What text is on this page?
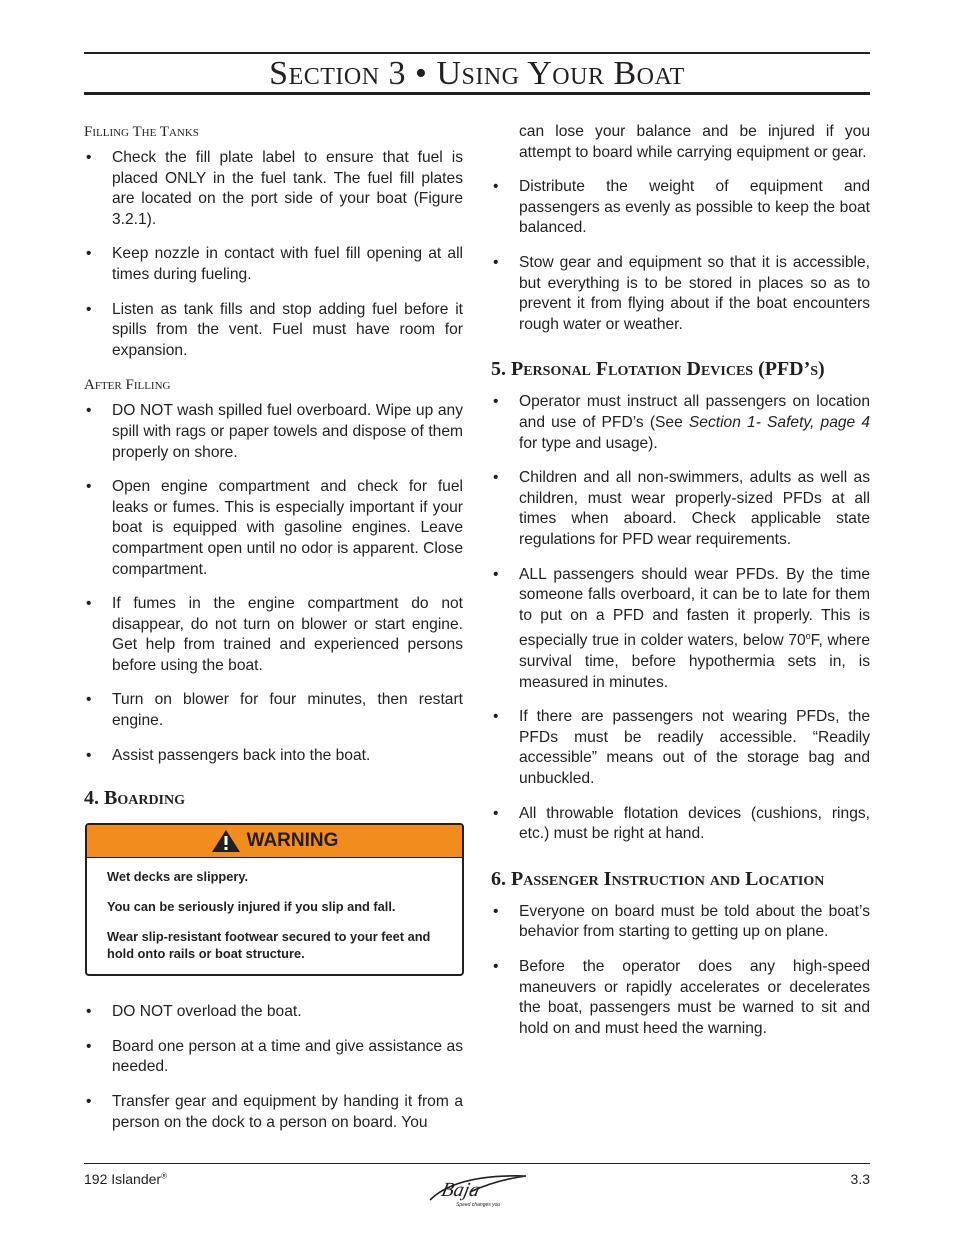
Section 3 • Using Your Boat

Filling The Tanks

• Check the fill plate label to ensure that fuel is placed ONLY in the fuel tank. The fuel fill plates are located on the port side of your boat (Figure 3.2.1).
• Keep nozzle in contact with fuel fill opening at all times during fueling.
• Listen as tank fills and stop adding fuel before it spills from the vent. Fuel must have room for expansion.

After Filling

• DO NOT wash spilled fuel overboard. Wipe up any spill with rags or paper towels and dispose of them properly on shore.
• Open engine compartment and check for fuel leaks or fumes. This is especially important if your boat is equipped with gasoline engines. Leave compartment open until no odor is apparent. Close compartment.
• If fumes in the engine compartment do not disappear, do not turn on blower or start engine. Get help from trained and experienced persons before using the boat.
• Turn on blower for four minutes, then restart engine.
• Assist passengers back into the boat.
4. Boarding
WARNING

Wet decks are slippery.

You can be seriously injured if you slip and fall.

Wear slip-resistant footwear secured to your feet and hold onto rails or boat structure.

• DO NOT overload the boat.
• Board one person at a time and give assistance as needed.
• Transfer gear and equipment by handing it from a person on the dock to a person on board. You

can lose your balance and be injured if you attempt to board while carrying equipment or gear.

• Distribute the weight of equipment and passengers as evenly as possible to keep the boat balanced.
• Stow gear and equipment so that it is accessible, but everything is to be stored in places so as to prevent it from flying about if the boat encounters rough water or weather.
5. Personal Flotation Devices (PFD’s)
• Operator must instruct all passengers on location and use of PFD’s (See Section 1- Safety, page 4 for type and usage).
• Children and all non-swimmers, adults as well as children, must wear properly-sized PFDs at all times when aboard. Check applicable state regulations for PFD wear requirements.
• ALL passengers should wear PFDs. By the time someone falls overboard, it can be to late for them to put on a PFD and fasten it properly. This is especially true in colder waters, below 70$^o$F, where survival time, before hypothermia sets in, is measured in minutes.
• If there are passengers not wearing PFDs, the PFDs must be readily accessible. “Readily accessible” means out of the storage bag and unbuckled.
• All throwable flotation devices (cushions, rings, etc.) must be right at hand.
6. Passenger Instruction and Location
• Everyone on board must be told about the boat’s behavior from starting to getting up on plane.
• Before the operator does any high-speed maneuvers or rapidly accelerates or decelerates the boat, passengers must be warned to sit and hold on and must heed the warning.
192 Islander®
Baja
Speed changes you
3.3
